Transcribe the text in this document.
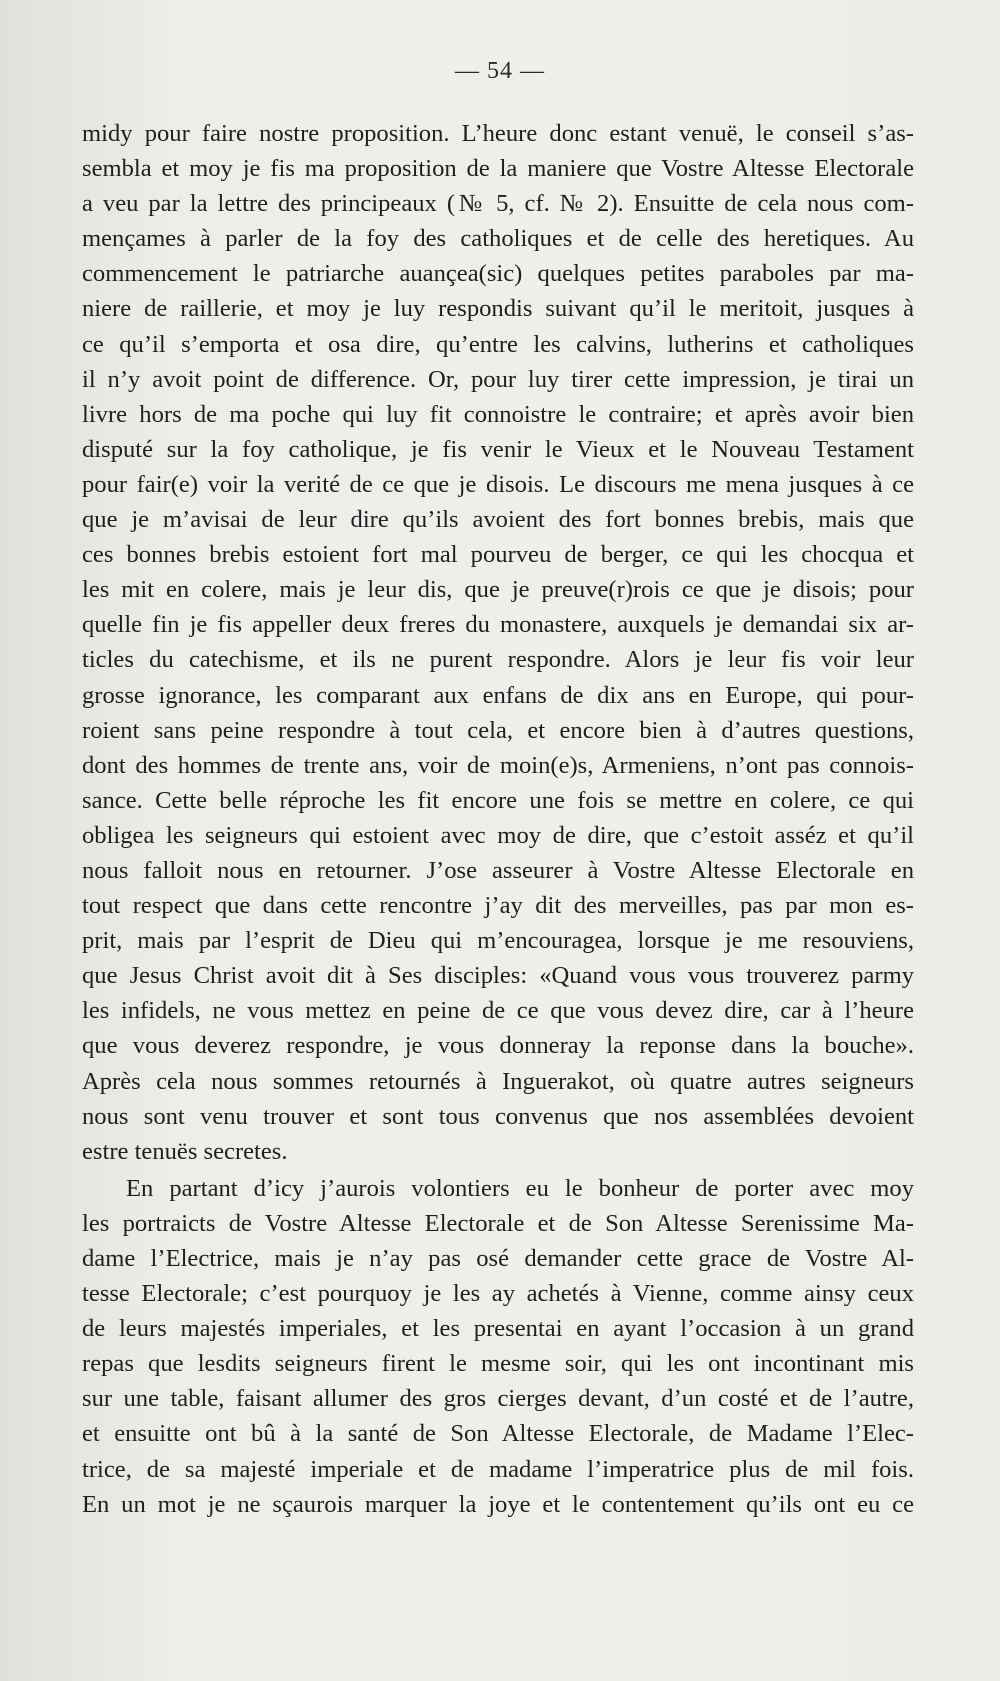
— 54 —
midy pour faire nostre proposition. L’heure donc estant venuë, le conseil s’as-
sembla et moy je fis ma proposition de la maniere que Vostre Altesse Electorale
a veu par la lettre des principeaux (№ 5, cf. № 2). Ensuitte de cela nous com-
mençames à parler de la foy des catholiques et de celle des heretiques. Au
commencement le patriarche auançea(sic) quelques petites paraboles par ma-
niere de raillerie, et moy je luy respondis suivant qu’il le meritoit, jusques à
ce qu’il s’emporta et osa dire, qu’entre les calvins, lutherins et catholiques
il n’y avoit point de difference. Or, pour luy tirer cette impression, je tirai un
livre hors de ma poche qui luy fit connoistre le contraire; et après avoir bien
disputé sur la foy catholique, je fis venir le Vieux et le Nouveau Testament
pour fair(e) voir la verité de ce que je disois. Le discours me mena jusques à ce
que je m’avisai de leur dire qu’ils avoient des fort bonnes brebis, mais que
ces bonnes brebis estoient fort mal pourveu de berger, ce qui les chocqua et
les mit en colere, mais je leur dis, que je preuve(r)rois ce que je disois; pour
quelle fin je fis appeller deux freres du monastere, auxquels je demandai six ar-
ticles du catechisme, et ils ne purent respondre. Alors je leur fis voir leur
grosse ignorance, les comparant aux enfans de dix ans en Europe, qui pour-
roient sans peine respondre à tout cela, et encore bien à d’autres questions,
dont des hommes de trente ans, voir de moin(e)s, Armeniens, n’ont pas connois-
sance. Cette belle réproche les fit encore une fois se mettre en colere, ce qui
obligea les seigneurs qui estoient avec moy de dire, que c’estoit asséz et qu’il
nous falloit nous en retourner. J’ose asseurer à Vostre Altesse Electorale en
tout respect que dans cette rencontre j’ay dit des merveilles, pas par mon es-
prit, mais par l’esprit de Dieu qui m’encouragea, lorsque je me resouviens,
que Jesus Christ avoit dit à Ses disciples: «Quand vous vous trouverez parmy
les infidels, ne vous mettez en peine de ce que vous devez dire, car à l’heure
que vous deverez respondre, je vous donneray la reponse dans la bouche».
Après cela nous sommes retournés à Inguerakot, où quatre autres seigneurs
nous sont venu trouver et sont tous convenus que nos assemblées devoient
estre tenuës secretes.
En partant d’icy j’aurois volontiers eu le bonheur de porter avec moy
les portraicts de Vostre Altesse Electorale et de Son Altesse Serenissime Ma-
dame l’Electrice, mais je n’ay pas osé demander cette grace de Vostre Al-
tesse Electorale; c’est pourquoy je les ay achetés à Vienne, comme ainsy ceux
de leurs majestés imperiales, et les presentai en ayant l’occasion à un grand
repas que lesdits seigneurs firent le mesme soir, qui les ont incontinant mis
sur une table, faisant allumer des gros cierges devant, d’un costé et de l’autre,
et ensuitte ont bû à la santé de Son Altesse Electorale, de Madame l’Elec-
trice, de sa majesté imperiale et de madame l’imperatrice plus de mil fois.
En un mot je ne sçaurois marquer la joye et le contentement qu’ils ont eu ce
